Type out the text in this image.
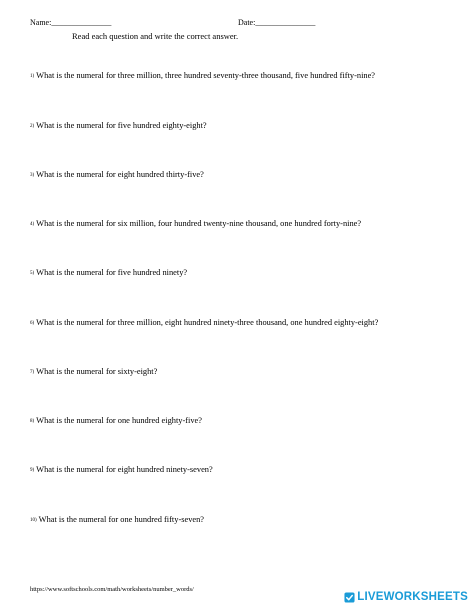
Name:_______________	Date:_______________
Read each question and write the correct answer.
1) What is the numeral for three million, three hundred seventy-three thousand, five hundred fifty-nine?
2) What is the numeral for five hundred eighty-eight?
3) What is the numeral for eight hundred thirty-five?
4) What is the numeral for six million, four hundred twenty-nine thousand, one hundred forty-nine?
5) What is the numeral for five hundred ninety?
6) What is the numeral for three million, eight hundred ninety-three thousand, one hundred eighty-eight?
7) What is the numeral for sixty-eight?
8) What is the numeral for one hundred eighty-five?
9) What is the numeral for eight hundred ninety-seven?
10) What is the numeral for one hundred fifty-seven?
https://www.softschools.com/math/worksheets/number_words/
LIVEWORKSHEETS
